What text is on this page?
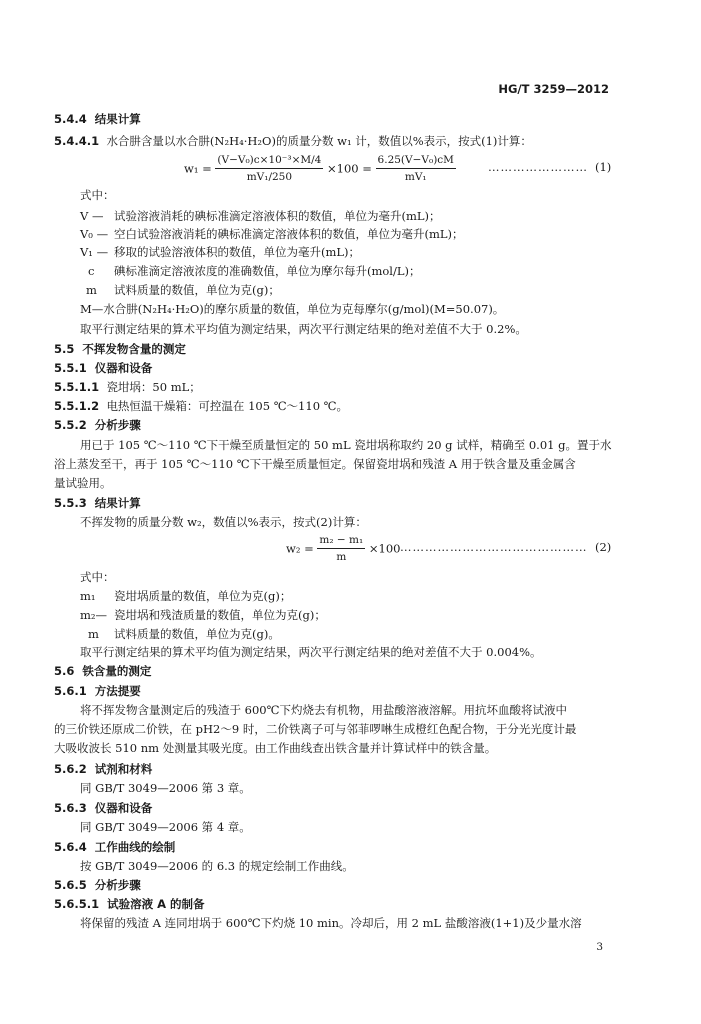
HG/T 3259—2012
5.4.4 结果计算
5.4.4.1 水合肼含量以水合肼(N₂H₄·H₂O)的质量分数 w₁ 计，数值以%表示，按式(1)计算：
$w_1 = \frac{\text{(V−V₀)c×10⁻³×M/4}}{\text{mV₁/250}} \times 100 = \frac{\text{6.25(V−V₀)cM}}{\text{mV₁}}$	…………………… (1)
式中：
V — 试验溶液消耗的碘标准滴定溶液体积的数值，单位为毫升(mL)；
V₀ — 空白试验溶液消耗的碘标准滴定溶液体积的数值，单位为毫升(mL)；
V₁ — 移取的试验溶液体积的数值，单位为毫升(mL)；
c 碘标准滴定溶液浓度的准确数值，单位为摩尔每升(mol/L)；
m 试料质量的数值，单位为克(g)；
M—水合肼(N₂H₄·H₂O)的摩尔质量的数值，单位为克每摩尔(g/mol)(M=50.07)。
取平行测定结果的算术平均值为测定结果，两次平行测定结果的绝对差值不大于 0.2%。
5.5 不挥发物含量的测定
5.5.1 仪器和设备
5.5.1.1 瓷坩埚：50 mL；
5.5.1.2 电热恒温干燥箱：可控温在 105 ℃～110 ℃。
5.5.2 分析步骤
用已于 105 ℃～110 ℃下干燥至质量恒定的 50 mL 瓷坩埚称取约 20 g 试样，精确至 0.01 g。置于水
浴上蒸发至干，再于 105 ℃～110 ℃下干燥至质量恒定。保留瓷坩埚和残渣 A 用于铁含量及重金属含
量试验用。
5.5.3 结果计算
不挥发物的质量分数 w₂，数值以%表示，按式(2)计算：
$w_2 = \frac{\text{m₂ − m₁}}{m} \times 100$ ……………………………………… (2)
式中：
m₁ 瓷坩埚质量的数值，单位为克(g)；
m₂— 瓷坩埚和残渣质量的数值，单位为克(g)；
m 试料质量的数值，单位为克(g)。
取平行测定结果的算术平均值为测定结果，两次平行测定结果的绝对差值不大于 0.004%。
5.6 铁含量的测定
5.6.1 方法提要
将不挥发物含量测定后的残渣于 600℃下灼烧去有机物，用盐酸溶液溶解。用抗坏血酸将试液中
的三价铁还原成二价铁，在 pH2～9 时，二价铁离子可与邻菲啰啉生成橙红色配合物，于分光光度计最
大吸收波长 510 nm 处测量其吸光度。由工作曲线查出铁含量并计算试样中的铁含量。
5.6.2 试剂和材料
同 GB/T 3049—2006 第 3 章。
5.6.3 仪器和设备
同 GB/T 3049—2006 第 4 章。
5.6.4 工作曲线的绘制
按 GB/T 3049—2006 的 6.3 的规定绘制工作曲线。
5.6.5 分析步骤
5.6.5.1 试验溶液 A 的制备
将保留的残渣 A 连同坩埚于 600℃下灼烧 10 min。冷却后，用 2 mL 盐酸溶液(1+1)及少量水溶
3
